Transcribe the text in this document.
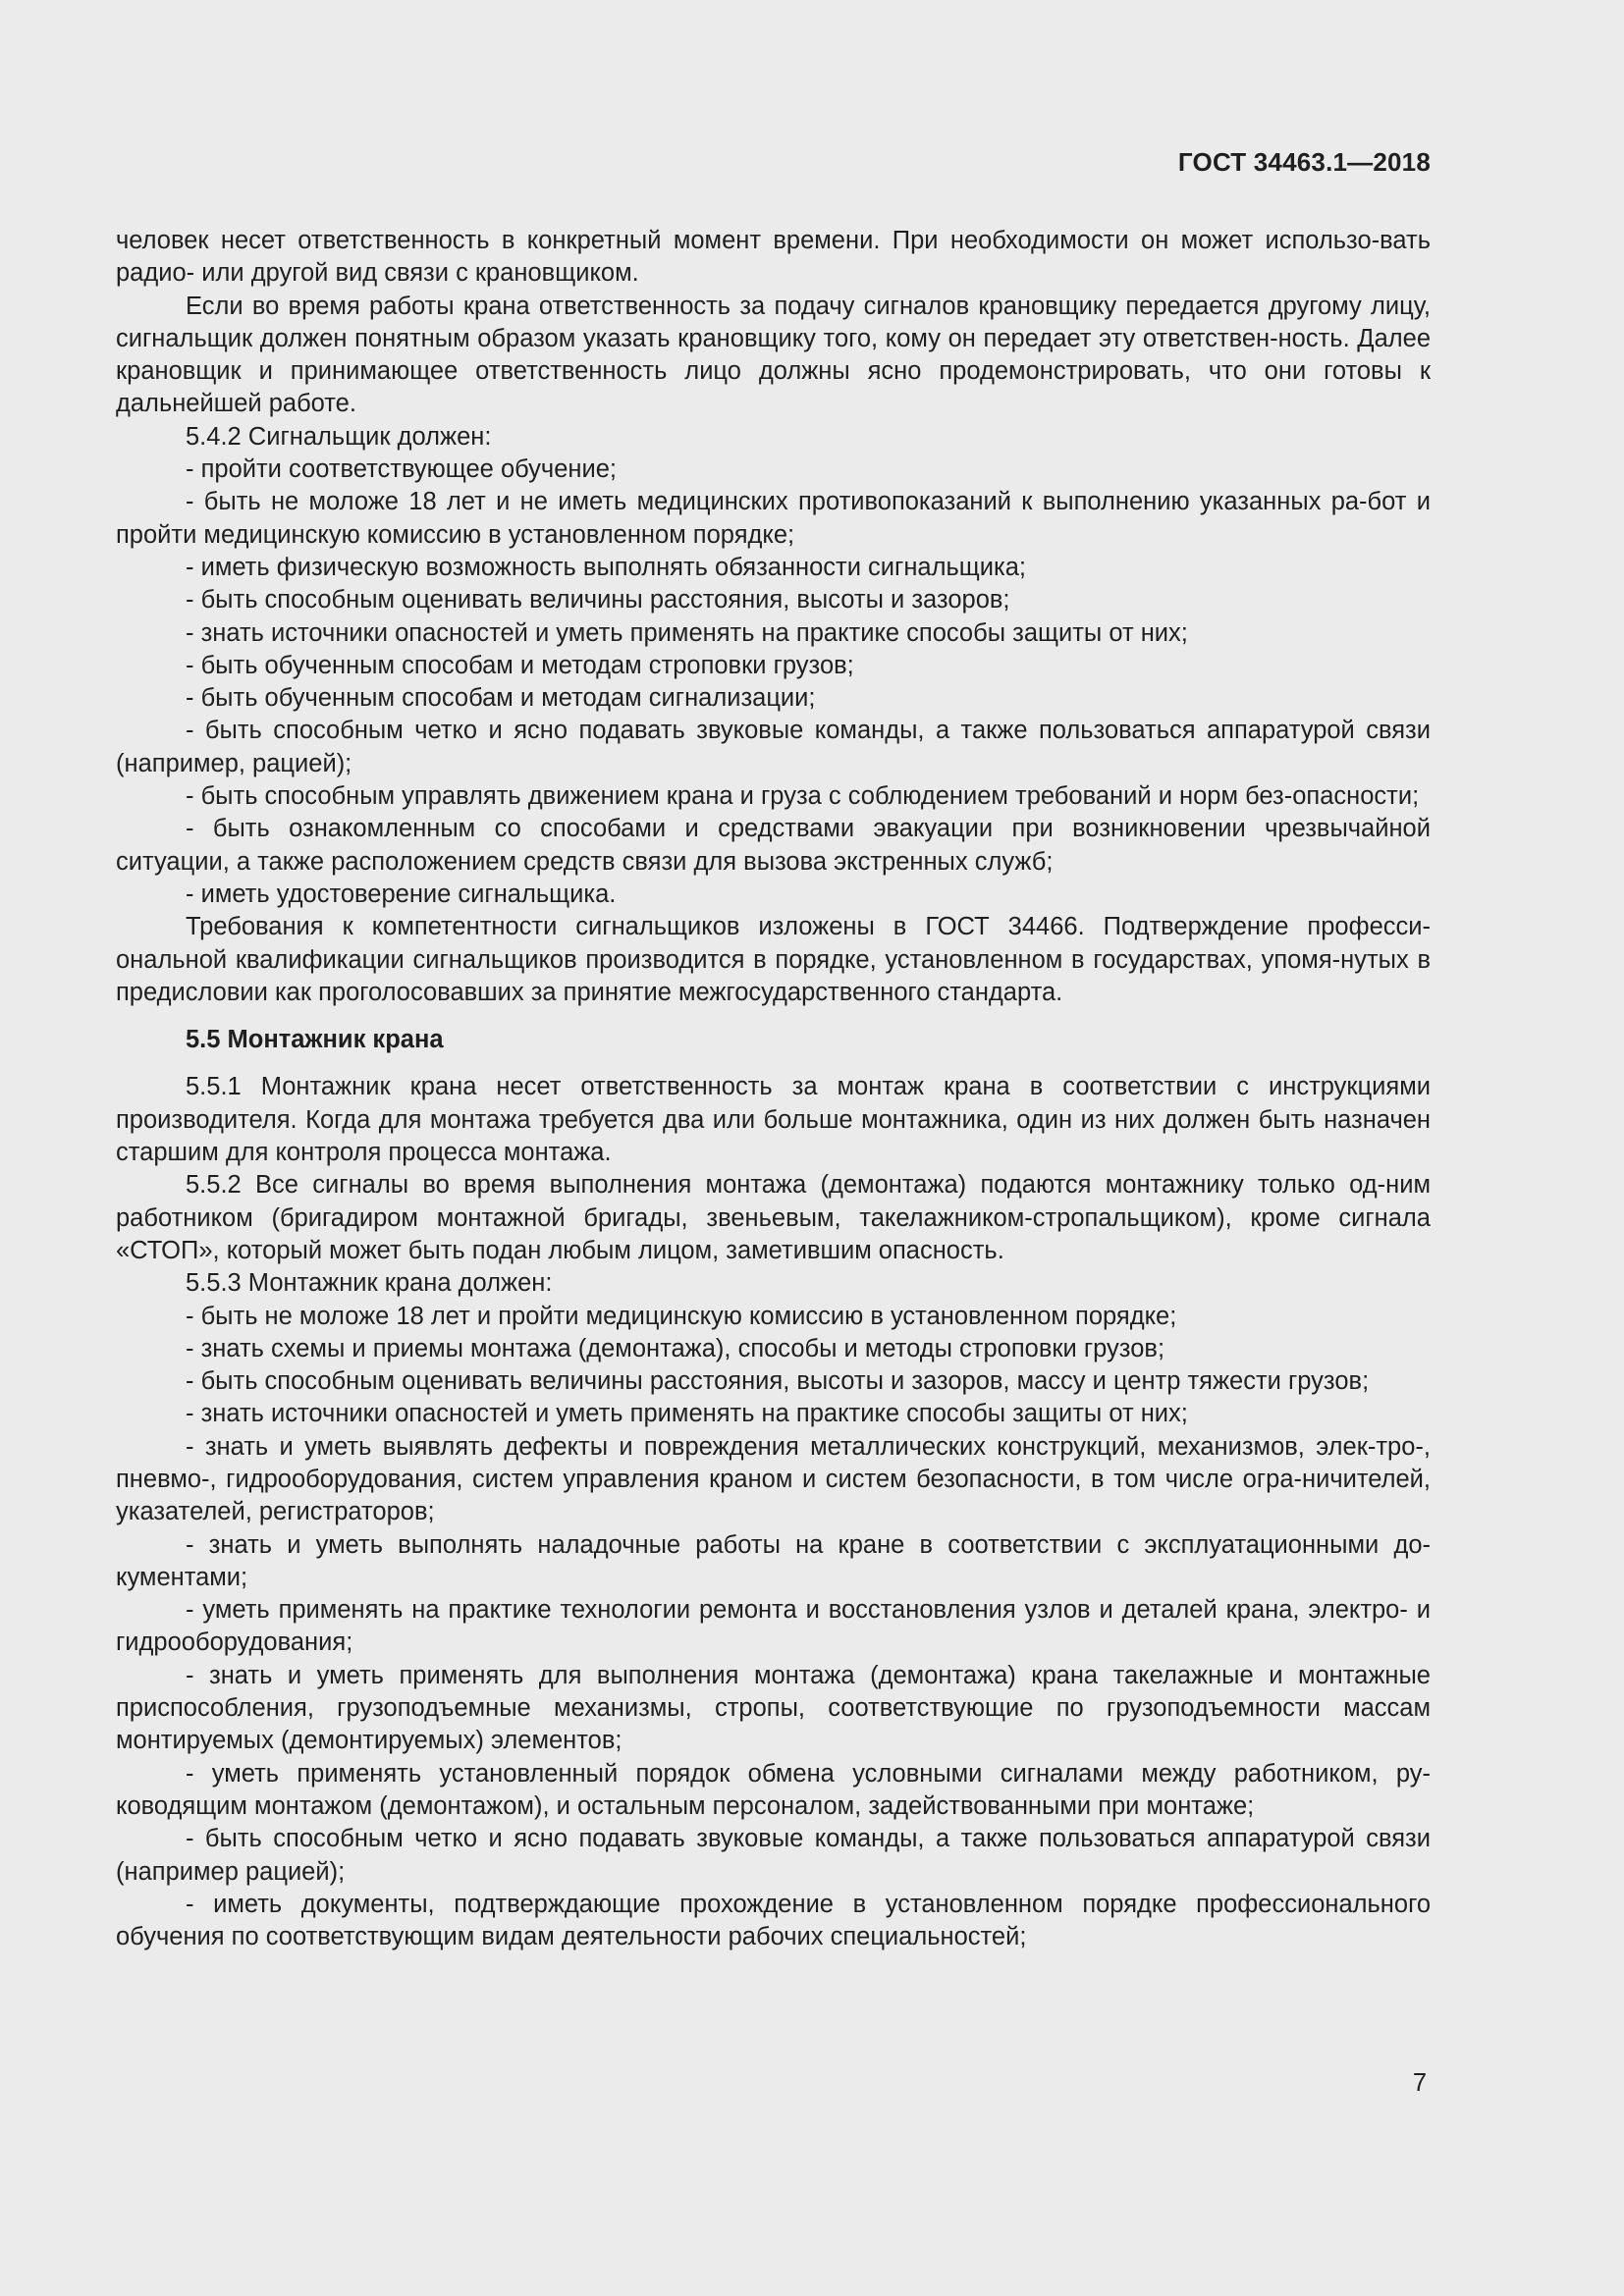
ГОСТ 34463.1—2018

человек несет ответственность в конкретный момент времени. При необходимости он может использо-вать радио- или другой вид связи с крановщиком.

Если во время работы крана ответственность за подачу сигналов крановщику передается другому лицу, сигнальщик должен понятным образом указать крановщику того, кому он передает эту ответствен-ность. Далее крановщик и принимающее ответственность лицо должны ясно продемонстрировать, что они готовы к дальнейшей работе.

5.4.2 Сигнальщик должен:

- пройти соответствующее обучение;

- быть не моложе 18 лет и не иметь медицинских противопоказаний к выполнению указанных ра-бот и пройти медицинскую комиссию в установленном порядке;

- иметь физическую возможность выполнять обязанности сигнальщика;

- быть способным оценивать величины расстояния, высоты и зазоров;

- знать источники опасностей и уметь применять на практике способы защиты от них;

- быть обученным способам и методам строповки грузов;

- быть обученным способам и методам сигнализации;

- быть способным четко и ясно подавать звуковые команды, а также пользоваться аппаратурой связи (например, рацией);

- быть способным управлять движением крана и груза с соблюдением требований и норм без-опасности;

- быть ознакомленным со способами и средствами эвакуации при возникновении чрезвычайной ситуации, а также расположением средств связи для вызова экстренных служб;

- иметь удостоверение сигнальщика.

Требования к компетентности сигнальщиков изложены в ГОСТ 34466. Подтверждение професси-ональной квалификации сигнальщиков производится в порядке, установленном в государствах, упомя-нутых в предисловии как проголосовавших за принятие межгосударственного стандарта.

5.5 Монтажник крана

5.5.1 Монтажник крана несет ответственность за монтаж крана в соответствии с инструкциями производителя. Когда для монтажа требуется два или больше монтажника, один из них должен быть назначен старшим для контроля процесса монтажа.

5.5.2 Все сигналы во время выполнения монтажа (демонтажа) подаются монтажнику только од-ним работником (бригадиром монтажной бригады, звеньевым, такелажником-стропальщиком), кроме сигнала «СТОП», который может быть подан любым лицом, заметившим опасность.

5.5.3 Монтажник крана должен:

- быть не моложе 18 лет и пройти медицинскую комиссию в установленном порядке;

- знать схемы и приемы монтажа (демонтажа), способы и методы строповки грузов;

- быть способным оценивать величины расстояния, высоты и зазоров, массу и центр тяжести грузов;

- знать источники опасностей и уметь применять на практике способы защиты от них;

- знать и уметь выявлять дефекты и повреждения металлических конструкций, механизмов, элек-тро-, пневмо-, гидрооборудования, систем управления краном и систем безопасности, в том числе огра-ничителей, указателей, регистраторов;

- знать и уметь выполнять наладочные работы на кране в соответствии с эксплуатационными до-кументами;

- уметь применять на практике технологии ремонта и восстановления узлов и деталей крана, электро- и гидрооборудования;

- знать и уметь применять для выполнения монтажа (демонтажа) крана такелажные и монтажные приспособления, грузоподъемные механизмы, стропы, соответствующие по грузоподъемности массам монтируемых (демонтируемых) элементов;

- уметь применять установленный порядок обмена условными сигналами между работником, ру-ководящим монтажом (демонтажом), и остальным персоналом, задействованными при монтаже;

- быть способным четко и ясно подавать звуковые команды, а также пользоваться аппаратурой связи (например рацией);

- иметь документы, подтверждающие прохождение в установленном порядке профессионального обучения по соответствующим видам деятельности рабочих специальностей;

7
